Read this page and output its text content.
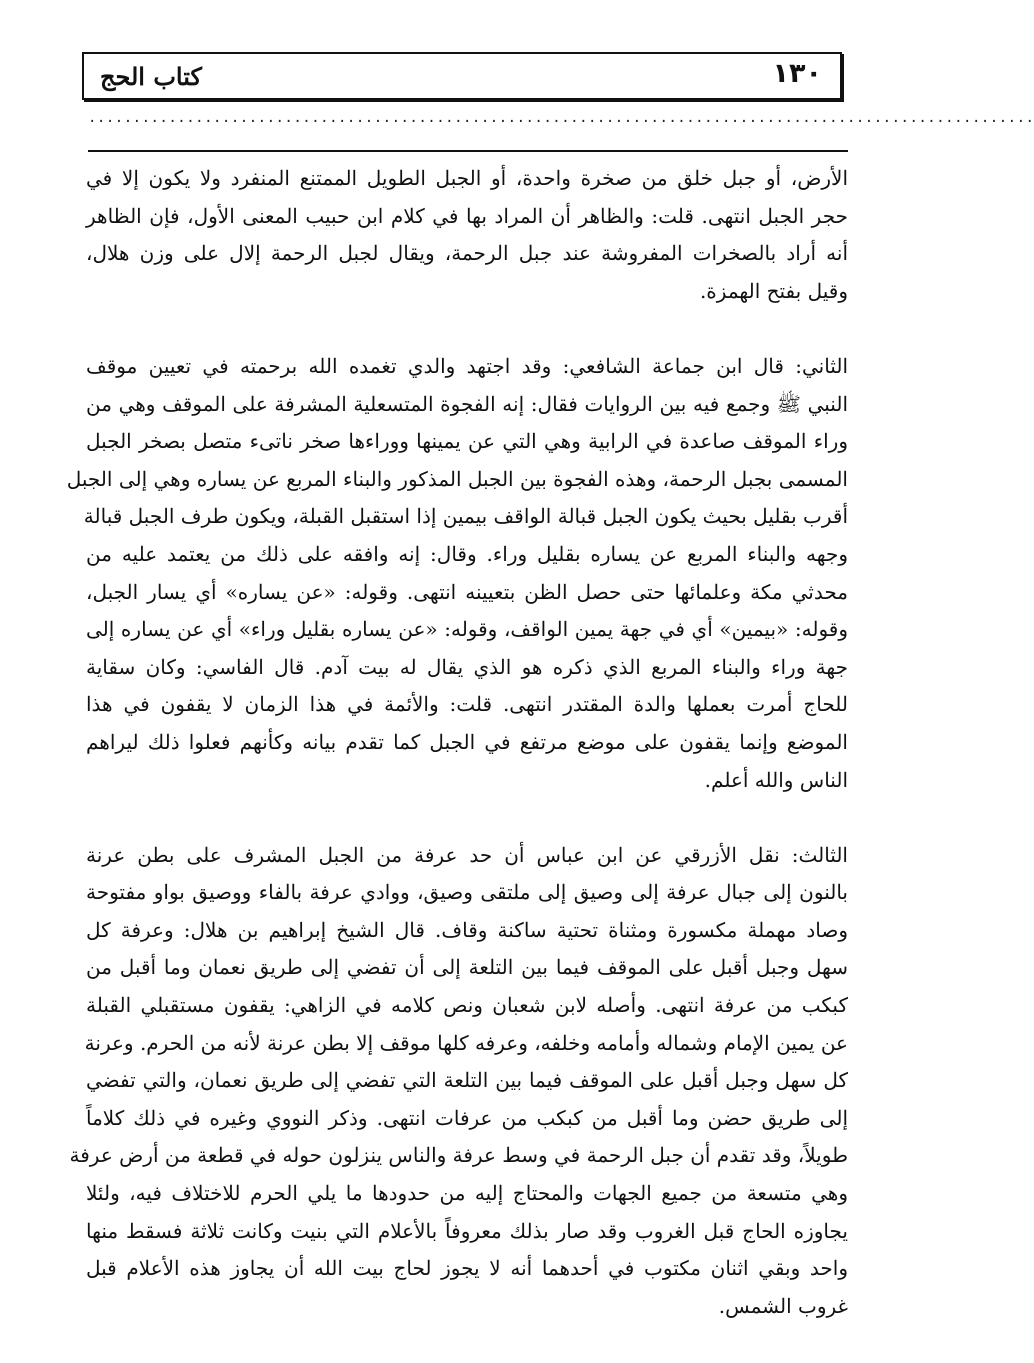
١٣٠
كتاب الحج
..........................................................................................................
الأرض، أو جبل خلق من صخرة واحدة، أو الجبل الطويل الممتنع المنفرد ولا يكون إلا في
حجر الجبل انتهى. قلت: والظاهر أن المراد بها في كلام ابن حبيب المعنى الأول، فإن الظاهر
أنه أراد بالصخرات المفروشة عند جبل الرحمة، ويقال لجبل الرحمة إلال على وزن هلال،
وقيل بفتح الهمزة.
الثاني: قال ابن جماعة الشافعي: وقد اجتهد والدي تغمده الله برحمته في تعيين موقف
النبي ﷺ وجمع فيه بين الروايات فقال: إنه الفجوة المتسعلية المشرفة على الموقف وهي من
وراء الموقف صاعدة في الرابية وهي التي عن يمينها ووراءها صخر ناتىء متصل بصخر الجبل
المسمى بجبل الرحمة، وهذه الفجوة بين الجبل المذكور والبناء المربع عن يساره وهي إلى الجبل
أقرب بقليل بحيث يكون الجبل قبالة الواقف بيمين إذا استقبل القبلة، ويكون طرف الجبل قبالة
وجهه والبناء المربع عن يساره بقليل وراء. وقال: إنه وافقه على ذلك من يعتمد عليه من
محدثي مكة وعلمائها حتى حصل الظن بتعيينه انتهى. وقوله: «عن يساره» أي يسار الجبل،
وقوله: «بيمين» أي في جهة يمين الواقف، وقوله: «عن يساره بقليل وراء» أي عن يساره إلى
جهة وراء والبناء المربع الذي ذكره هو الذي يقال له بيت آدم. قال الفاسي: وكان سقاية
للحاج أمرت بعملها والدة المقتدر انتهى. قلت: والأئمة في هذا الزمان لا يقفون في هذا
الموضع وإنما يقفون على موضع مرتفع في الجبل كما تقدم بيانه وكأنهم فعلوا ذلك ليراهم
الناس والله أعلم.
الثالث: نقل الأزرقي عن ابن عباس أن حد عرفة من الجبل المشرف على بطن عرنة
بالنون إلى جبال عرفة إلى وصيق إلى ملتقى وصيق، ووادي عرفة بالفاء ووصيق بواو مفتوحة
وصاد مهملة مكسورة ومثناة تحتية ساكنة وقاف. قال الشيخ إبراهيم بن هلال: وعرفة كل
سهل وجبل أقبل على الموقف فيما بين التلعة إلى أن تفضي إلى طريق نعمان وما أقبل من
كبكب من عرفة انتهى. وأصله لابن شعبان ونص كلامه في الزاهي: يقفون مستقبلي القبلة
عن يمين الإمام وشماله وأمامه وخلفه، وعرفه كلها موقف إلا بطن عرنة لأنه من الحرم. وعرنة
كل سهل وجبل أقبل على الموقف فيما بين التلعة التي تفضي إلى طريق نعمان، والتي تفضي
إلى طريق حضن وما أقبل من كبكب من عرفات انتهى. وذكر النووي وغيره في ذلك كلاماً
طويلاً، وقد تقدم أن جبل الرحمة في وسط عرفة والناس ينزلون حوله في قطعة من أرض عرفة
وهي متسعة من جميع الجهات والمحتاج إليه من حدودها ما يلي الحرم للاختلاف فيه، ولئلا
يجاوزه الحاج قبل الغروب وقد صار بذلك معروفاً بالأعلام التي بنيت وكانت ثلاثة فسقط منها
واحد وبقي اثنان مكتوب في أحدهما أنه لا يجوز لحاج بيت الله أن يجاوز هذه الأعلام قبل
غروب الشمس.
